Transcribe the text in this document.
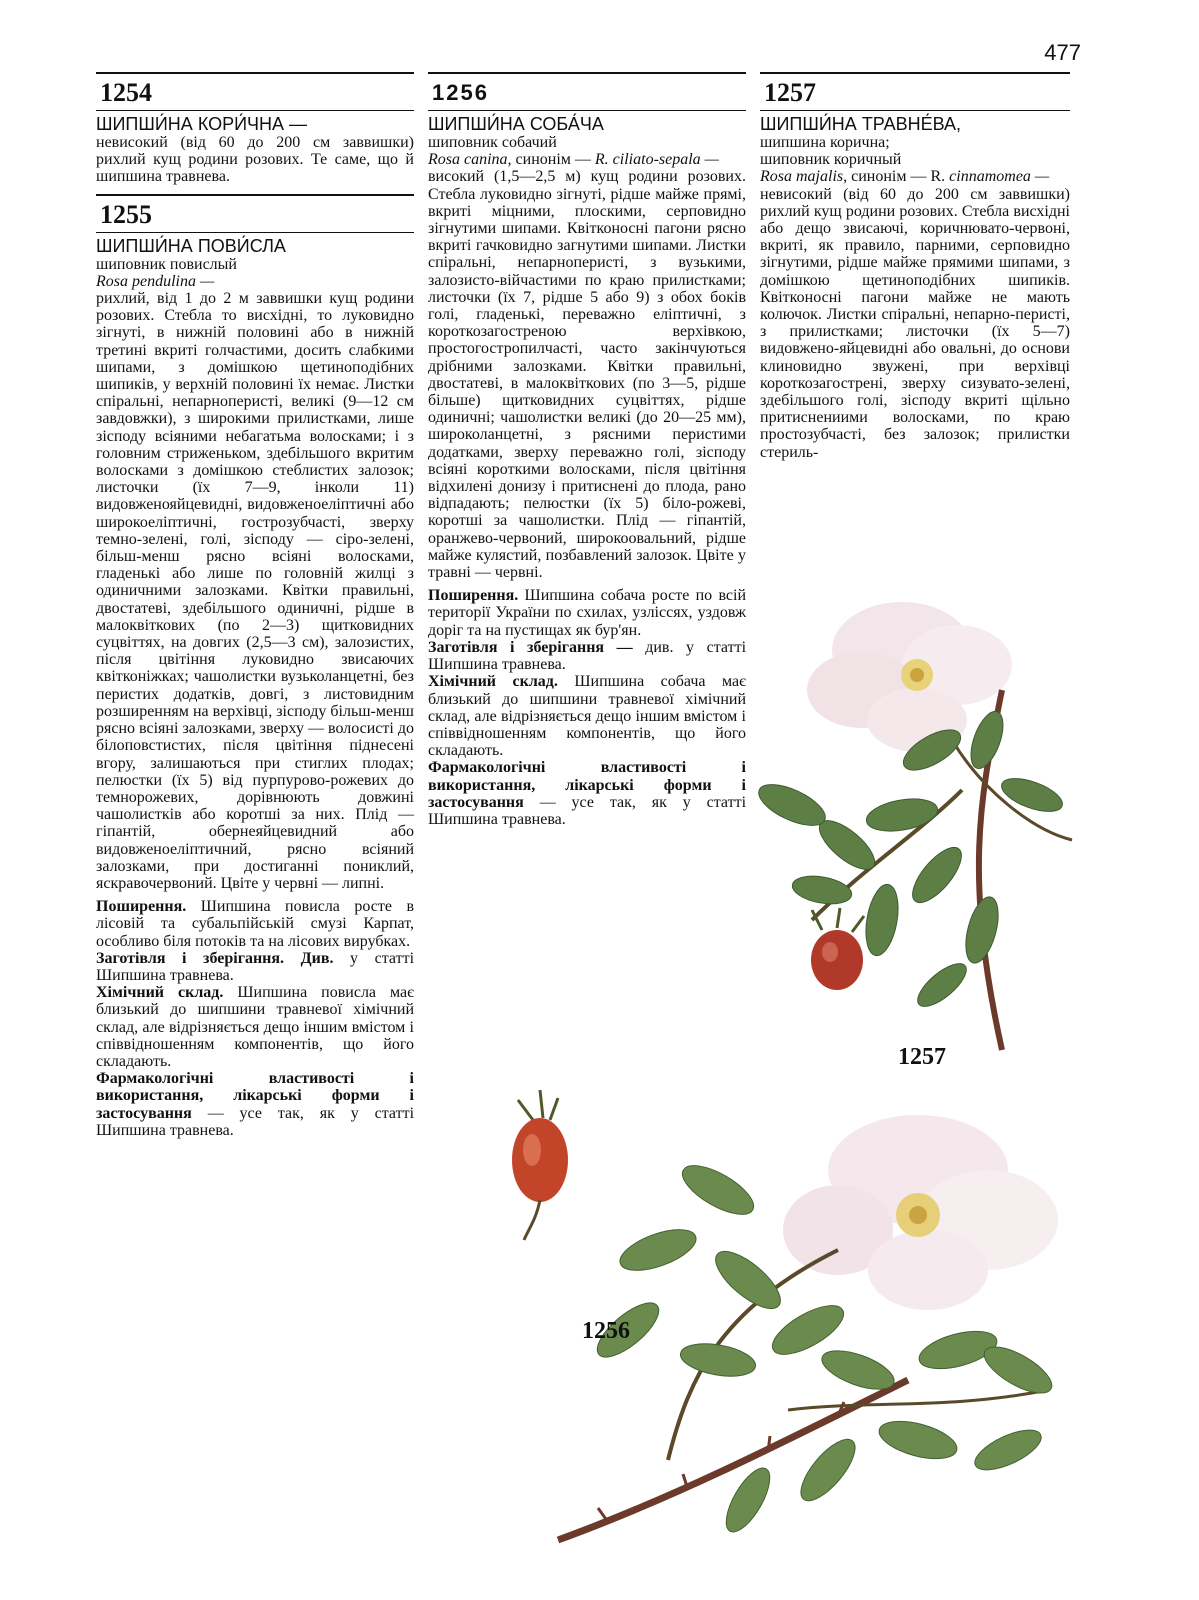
477
1254
ШИПШИ́НА КОРИ́ЧНА —

невисокий (від 60 до 200 см заввишки) рихлий кущ родини розових. Те саме, що й шипшина травнева.

1255
ШИПШИ́НА ПОВИ́СЛА
шиповник повислый
Rosa pendulina —

рихлий, від 1 до 2 м заввишки кущ родини розових. Стебла то висхідні, то луковидно зігнуті, в нижній половині або в нижній третині вкриті голчастими, досить слабкими шипами, з домішкою щетиноподібних шипиків, у верхній половині їх немає. Листки спіральні, непарноперисті, великі (9—12 см завдовжки), з широкими прилистками, лише зісподу всіяними небагатьма волосками; і з головним стриженьком, здебільшого вкритим волосками з домішкою стеблистих залозок; листочки (їх 7—9, інколи 11) видовженояйцевидні, видовженоеліптичні або широкоеліптичні, гострозубчасті, зверху темно-зелені, голі, зісподу — сіро-зелені, більш-менш рясно всіяні волосками, гладенькі або лише по головній жилці з одиничними залозками. Квітки правильні, двостатеві, здебільшого одиничні, рідше в малоквіткових (по 2—3) щитковидних суцвіттях, на довгих (2,5—3 см), залозистих, після цвітіння луковидно звисаючих квітконіжках; чашолистки вузьколанцетні, без перистих додатків, довгі, з листовидним розширенням на верхівці, зісподу більш-менш рясно всіяні залозками, зверху — волосисті до білоповстистих, після цвітіння піднесені вгору, залишаються при стиглих плодах; пелюстки (їх 5) від пурпурово-рожевих до темнорожевих, дорівнюють довжині чашолистків або коротші за них. Плід — гіпантій, обернеяйцевидний або видовженоеліптичний, рясно всіяний залозками, при достиганні пониклий, яскравочервоний. Цвіте у червні — липні.

Поширення. Шипшина повисла росте в лісовій та субальпійській смузі Карпат, особливо біля потоків та на лісових вирубках.

Заготівля і зберігання. Див. у статті Шипшина травнева.

Хімічний склад. Шипшина повисла має близький до шипшини травневої хімічний склад, але відрізняється дещо іншим вмістом і співвідношенням компонентів, що його складають.

Фармакологічні властивості і використання, лікарські форми і застосування — усе так, як у статті Шипшина травнева.

1256
ШИПШИ́НА СОБА́ЧА
шиповник собачий
Rosa canina, синонім — R. ciliato-sepala —

високий (1,5—2,5 м) кущ родини розових. Стебла луковидно зігнуті, рідше майже прямі, вкриті міцними, плоскими, серповидно зігнутими шипами. Квітконосні пагони рясно вкриті гачковидно загнутими шипами. Листки спіральні, непарноперисті, з вузькими, залозисто-війчастими по краю прилистками; листочки (їх 7, рідше 5 або 9) з обох боків голі, гладенькі, переважно еліптичні, з короткозагостреною верхівкою, простогостропилчасті, часто закінчуються дрібними залозками. Квітки правильні, двостатеві, в малоквіткових (по 3—5, рідше більше) щитковидних суцвіттях, рідше одиничні; чашолистки великі (до 20—25 мм), широколанцетні, з рясними перистими додатками, зверху переважно голі, зісподу всіяні короткими волосками, після цвітіння відхилені донизу і притиснені до плода, рано відпадають; пелюстки (їх 5) біло-рожеві, коротші за чашолистки. Плід — гіпантій, оранжево-червоний, широкоовальний, рідше майже кулястий, позбавлений залозок. Цвіте у травні — червні.

Поширення. Шипшина собача росте по всій території України по схилах, узліссях, уздовж доріг та на пустищах як бур'ян.

Заготівля і зберігання — див. у статті Шипшина травнева.

Хімічний склад. Шипшина собача має близький до шипшини травневої хімічний склад, але відрізняється дещо іншим вмістом і співвідношенням компонентів, що його складають.

Фармакологічні властивості і використання, лікарські форми і застосування — усе так, як у статті Шипшина травнева.

1257
ШИПШИ́НА ТРАВНЕ́ВА,
шипшина корична;
шиповник коричный
Rosa majalis, синонім — R. cinnamomea —

невисокий (від 60 до 200 см заввишки) рихлий кущ родини розових. Стебла висхідні або дещо звисаючі, коричнювато-червоні, вкриті, як правило, парними, серповидно зігнутими, рідше майже прямими шипами, з домішкою щетиноподібних шипиків. Квітконосні пагони майже не мають колючок. Листки спіральні, непарно-перисті, з прилистками; листочки (їх 5—7) видовжено-яйцевидні або овальні, до основи клиновидно звужені, при верхівці короткозагострені, зверху сизувато-зелені, здебільшого голі, зісподу вкриті щільно притиснениими волосками, по краю простозубчасті, без залозок; прилистки стериль-

1257
1256
